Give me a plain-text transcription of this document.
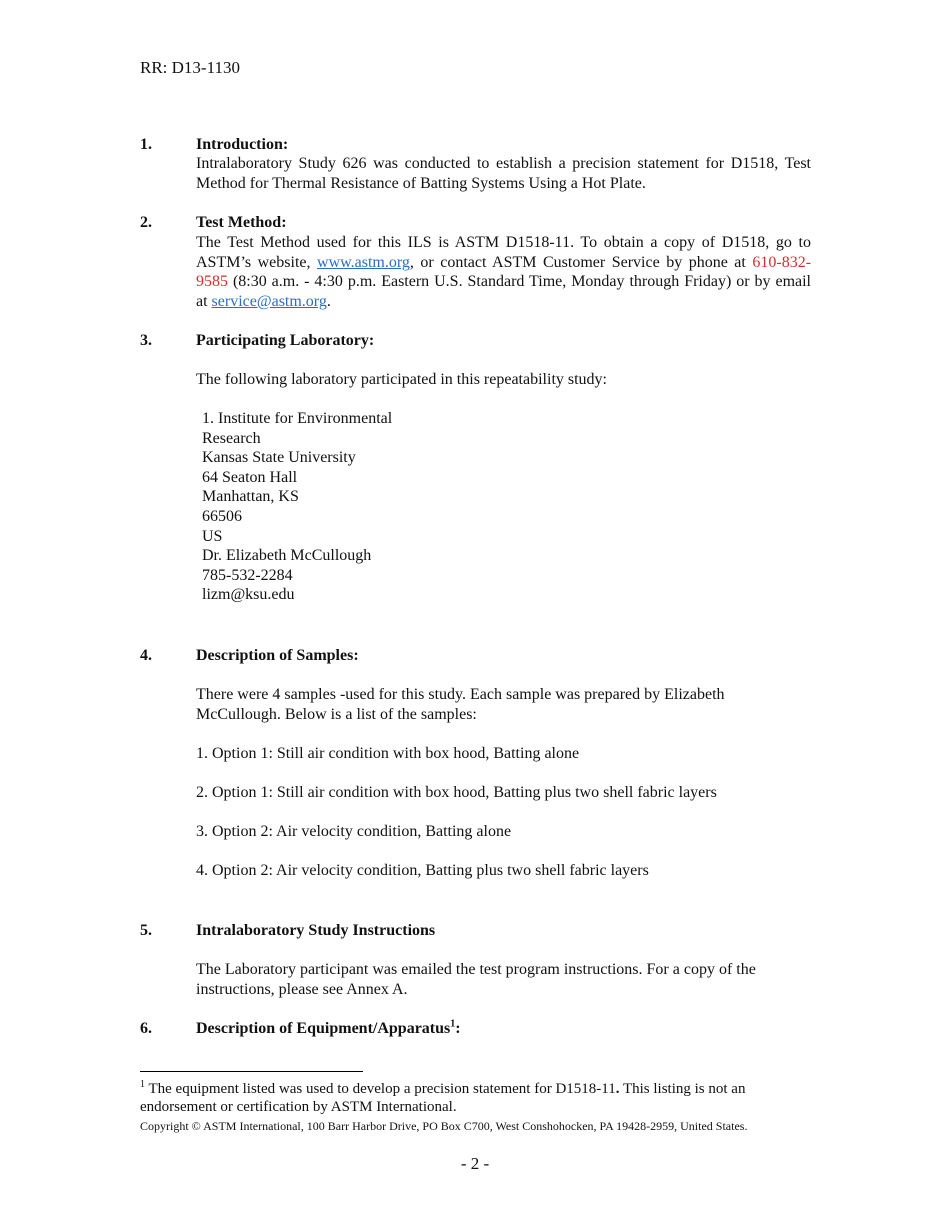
RR: D13-1130
1.	Introduction:
Intralaboratory Study 626 was conducted to establish a precision statement for D1518, Test Method for Thermal Resistance of Batting Systems Using a Hot Plate.
2.	Test Method:
The Test Method used for this ILS is ASTM D1518-11. To obtain a copy of D1518, go to ASTM’s website, www.astm.org, or contact ASTM Customer Service by phone at 610-832-9585 (8:30 a.m. - 4:30 p.m. Eastern U.S. Standard Time, Monday through Friday) or by email at service@astm.org.
3.	Participating Laboratory:
The following laboratory participated in this repeatability study:
1. Institute for Environmental
Research
Kansas State University
64 Seaton Hall
Manhattan, KS
66506
US
Dr. Elizabeth McCullough
785-532-2284
lizm@ksu.edu
4.	Description of Samples:
There were 4 samples -used for this study. Each sample was prepared by Elizabeth McCullough. Below is a list of the samples:
1. Option 1: Still air condition with box hood, Batting alone
2. Option 1: Still air condition with box hood, Batting plus two shell fabric layers
3. Option 2: Air velocity condition, Batting alone
4. Option 2: Air velocity condition, Batting plus two shell fabric layers
5.	Intralaboratory Study Instructions
The Laboratory participant was emailed the test program instructions. For a copy of the instructions, please see Annex A.
6.	Description of Equipment/Apparatus$^1$:
$^1$ The equipment listed was used to develop a precision statement for D1518-11. This listing is not an endorsement or certification by ASTM International.
Copyright © ASTM International, 100 Barr Harbor Drive, PO Box C700, West Conshohocken, PA 19428-2959, United States.
- 2 -
